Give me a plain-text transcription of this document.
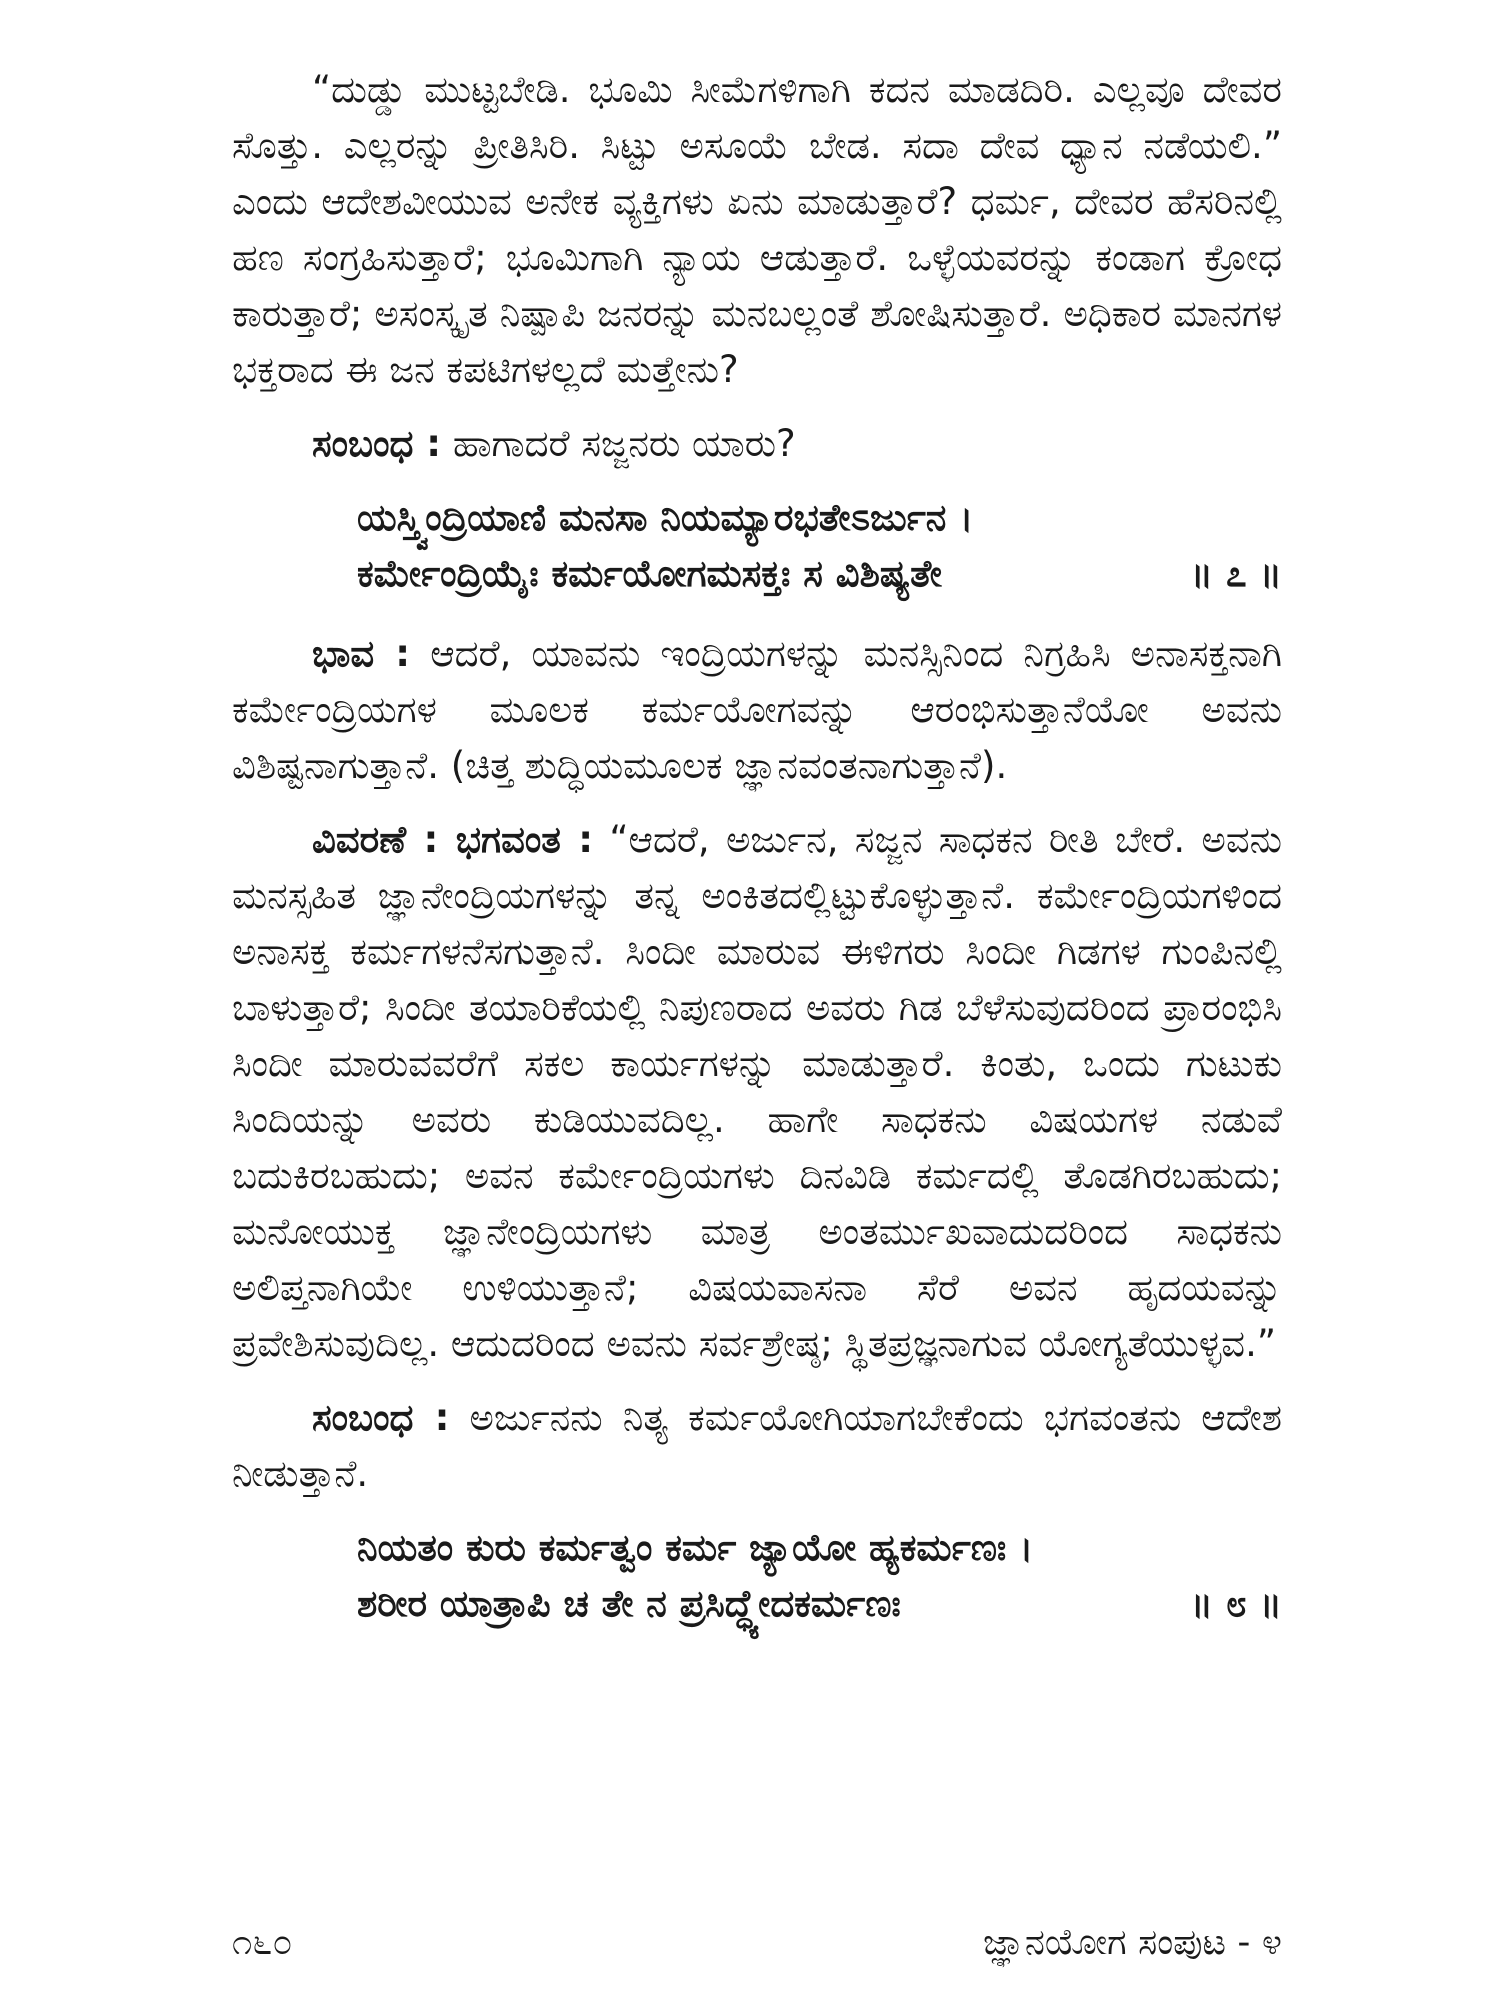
“ದುಡ್ಡು ಮುಟ್ಟಬೇಡಿ. ಭೂಮಿ ಸೀಮೆಗಳಿಗಾಗಿ ಕದನ ಮಾಡದಿರಿ. ಎಲ್ಲವೂ ದೇವರ ಸೊತ್ತು. ಎಲ್ಲರನ್ನು ಪ್ರೀತಿಸಿರಿ. ಸಿಟ್ಟು ಅಸೂಯೆ ಬೇಡ. ಸದಾ ದೇವ ಧ್ಯಾನ ನಡೆಯಲಿ.” ಎಂದು ಆದೇಶವೀಯುವ ಅನೇಕ ವ್ಯಕ್ತಿಗಳು ಏನು ಮಾಡುತ್ತಾರೆ? ಧರ್ಮ, ದೇವರ ಹೆಸರಿನಲ್ಲಿ ಹಣ ಸಂಗ್ರಹಿಸುತ್ತಾರೆ; ಭೂಮಿಗಾಗಿ ನ್ಯಾಯ ಆಡುತ್ತಾರೆ. ಒಳ್ಳೆಯವರನ್ನು ಕಂಡಾಗ ಕ್ರೋಧ ಕಾರುತ್ತಾರೆ; ಅಸಂಸ್ಕೃತ ನಿಷ್ಪಾಪಿ ಜನರನ್ನು ಮನಬಲ್ಲಂತೆ ಶೋಷಿಸುತ್ತಾರೆ. ಅಧಿಕಾರ ಮಾನಗಳ ಭಕ್ತರಾದ ಈ ಜನ ಕಪಟಿಗಳಲ್ಲದೆ ಮತ್ತೇನು?

ಸಂಬಂಧ : ಹಾಗಾದರೆ ಸಜ್ಜನರು ಯಾರು?

ಯಸ್ತ್ವಿಂದ್ರಿಯಾಣಿ ಮನಸಾ ನಿಯಮ್ಯಾರಭತೇಽರ್ಜುನ ।
ಕರ್ಮೇಂದ್ರಿಯೈಃ ಕರ್ಮಯೋಗಮಸಕ್ತಃ ಸ ವಿಶಿಷ್ಯತೇ	॥ ೭ ॥

ಭಾವ : ಆದರೆ, ಯಾವನು ಇಂದ್ರಿಯಗಳನ್ನು ಮನಸ್ಸಿನಿಂದ ನಿಗ್ರಹಿಸಿ ಅನಾಸಕ್ತನಾಗಿ ಕರ್ಮೇಂದ್ರಿಯಗಳ ಮೂಲಕ ಕರ್ಮಯೋಗವನ್ನು ಆರಂಭಿಸುತ್ತಾನೆಯೋ ಅವನು ವಿಶಿಷ್ಟನಾಗುತ್ತಾನೆ. (ಚಿತ್ತ ಶುದ್ಧಿಯಮೂಲಕ ಜ್ಞಾನವಂತನಾಗುತ್ತಾನೆ).

ವಿವರಣೆ : ಭಗವಂತ : “ಆದರೆ, ಅರ್ಜುನ, ಸಜ್ಜನ ಸಾಧಕನ ರೀತಿ ಬೇರೆ. ಅವನು ಮನಸ್ಸಹಿತ ಜ್ಞಾನೇಂದ್ರಿಯಗಳನ್ನು ತನ್ನ ಅಂಕಿತದಲ್ಲಿಟ್ಟುಕೊಳ್ಳುತ್ತಾನೆ. ಕರ್ಮೇಂದ್ರಿಯಗಳಿಂದ ಅನಾಸಕ್ತ ಕರ್ಮಗಳನೆಸಗುತ್ತಾನೆ. ಸಿಂದೀ ಮಾರುವ ಈಳಿಗರು ಸಿಂದೀ ಗಿಡಗಳ ಗುಂಪಿನಲ್ಲಿ ಬಾಳುತ್ತಾರೆ; ಸಿಂದೀ ತಯಾರಿಕೆಯಲ್ಲಿ ನಿಪುಣರಾದ ಅವರು ಗಿಡ ಬೆಳೆಸುವುದರಿಂದ ಪ್ರಾರಂಭಿಸಿ ಸಿಂದೀ ಮಾರುವವರೆಗೆ ಸಕಲ ಕಾರ್ಯಗಳನ್ನು ಮಾಡುತ್ತಾರೆ. ಕಿಂತು, ಒಂದು ಗುಟುಕು ಸಿಂದಿಯನ್ನು ಅವರು ಕುಡಿಯುವದಿಲ್ಲ. ಹಾಗೇ ಸಾಧಕನು ವಿಷಯಗಳ ನಡುವೆ ಬದುಕಿರಬಹುದು; ಅವನ ಕರ್ಮೇಂದ್ರಿಯಗಳು ದಿನವಿಡಿ ಕರ್ಮದಲ್ಲಿ ತೊಡಗಿರಬಹುದು; ಮನೋಯುಕ್ತ ಜ್ಞಾನೇಂದ್ರಿಯಗಳು ಮಾತ್ರ ಅಂತರ್ಮುಖವಾದುದರಿಂದ ಸಾಧಕನು ಅಲಿಪ್ತನಾಗಿಯೇ ಉಳಿಯುತ್ತಾನೆ; ವಿಷಯವಾಸನಾ ಸೆರೆ ಅವನ ಹೃದಯವನ್ನು ಪ್ರವೇಶಿಸುವುದಿಲ್ಲ. ಆದುದರಿಂದ ಅವನು ಸರ್ವಶ್ರೇಷ್ಠ; ಸ್ಥಿತಪ್ರಜ್ಞನಾಗುವ ಯೋಗ್ಯತೆಯುಳ್ಳವ.”

ಸಂಬಂಧ : ಅರ್ಜುನನು ನಿತ್ಯ ಕರ್ಮಯೋಗಿಯಾಗಬೇಕೆಂದು ಭಗವಂತನು ಆದೇಶ ನೀಡುತ್ತಾನೆ.

ನಿಯತಂ ಕುರು ಕರ್ಮತ್ವಂ ಕರ್ಮ ಜ್ಯಾಯೋ ಹ್ಯಕರ್ಮಣಃ ।
ಶರೀರ ಯಾತ್ರಾಪಿ ಚ ತೇ ನ ಪ್ರಸಿದ್ಧ್ಯೇದಕರ್ಮಣಃ	॥ ೮ ॥
೧೬೦	ಜ್ಞಾನಯೋಗ ಸಂಪುಟ - ೪
